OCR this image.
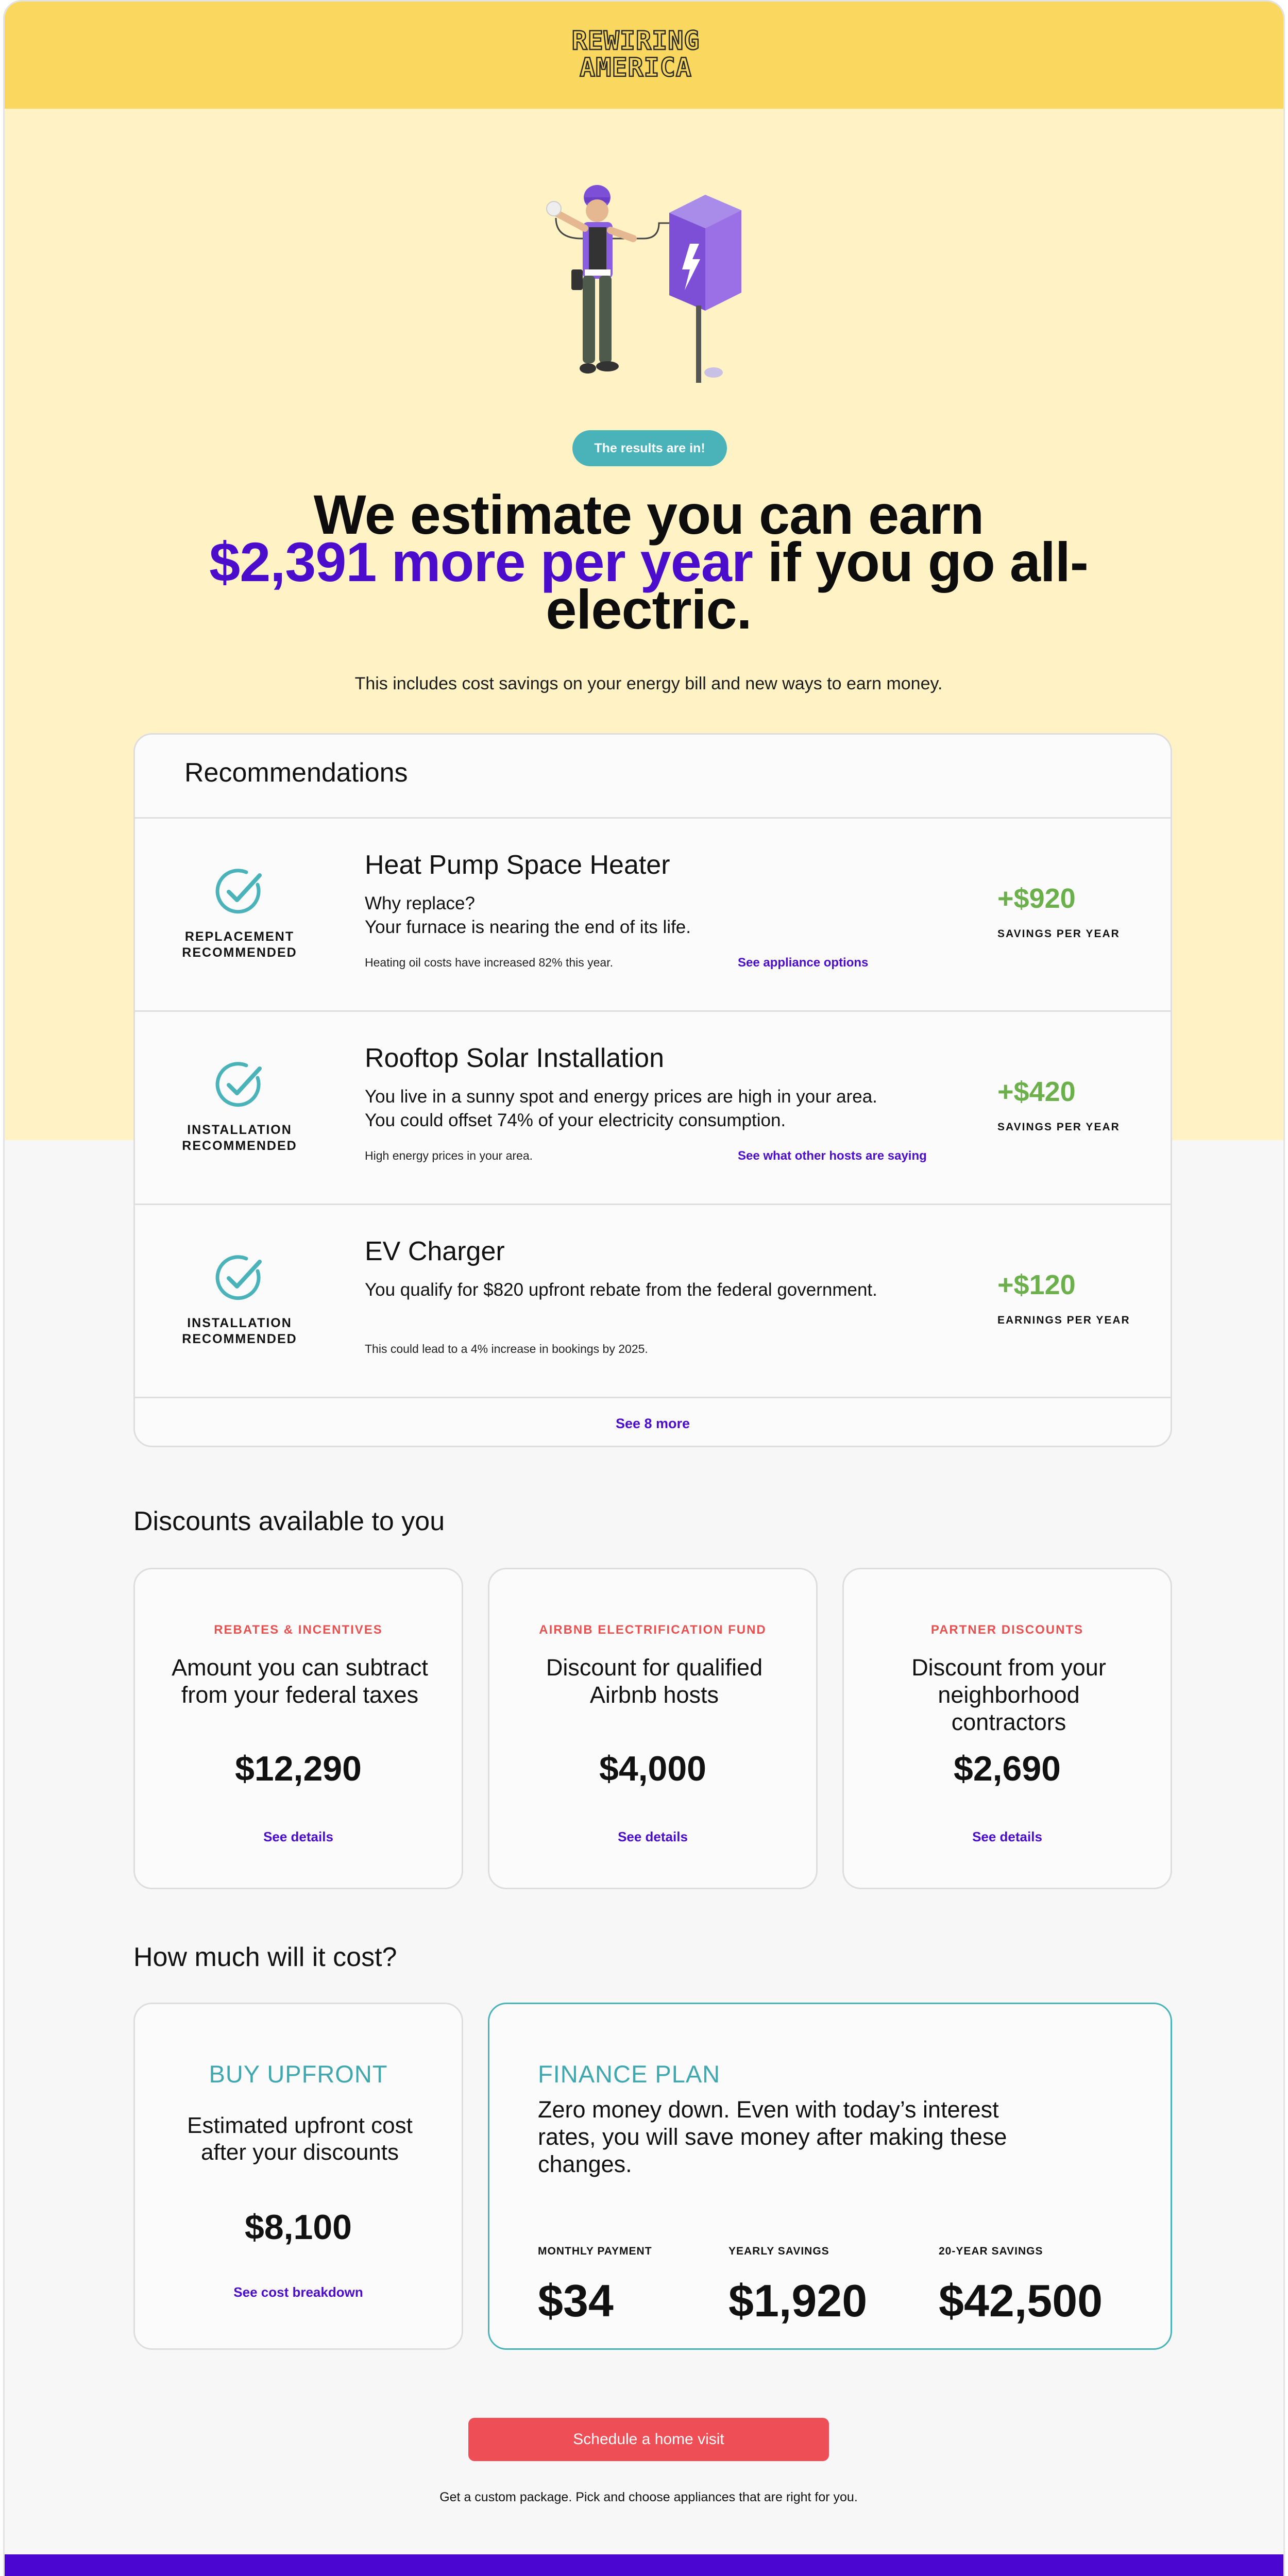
REWIRING
AMERICA
The results are in!
We estimate you can earn
$2,391 more per year if you go all-electric.
This includes cost savings on your energy bill and new ways to earn money.
Recommendations
REPLACEMENT RECOMMENDED
Heat Pump Space Heater
Why replace?
Your furnace is nearing the end of its life.
Heating oil costs have increased 82% this year.	See appliance options
+$920
SAVINGS PER YEAR
INSTALLATION RECOMMENDED
Rooftop Solar Installation
You live in a sunny spot and energy prices are high in your area. You could offset 74% of your electricity consumption.
High energy prices in your area.	See what other hosts are saying
+$420
SAVINGS PER YEAR
INSTALLATION RECOMMENDED
EV Charger
You qualify for $820 upfront rebate from the federal government.
This could lead to a 4% increase in bookings by 2025.
+$120
EARNINGS PER YEAR
See 8 more
Discounts available to you
REBATES & INCENTIVES
Amount you can subtract from your federal taxes
$12,290
See details
AIRBNB ELECTRIFICATION FUND
Discount for qualified Airbnb hosts
$4,000
See details
PARTNER DISCOUNTS
Discount from your neighborhood contractors
$2,690
See details
How much will it cost?
BUY UPFRONT
Estimated upfront cost after your discounts
$8,100
See cost breakdown
FINANCE PLAN
Zero money down. Even with today’s interest rates, you will save money after making these changes.
MONTHLY PAYMENT
$34
YEARLY SAVINGS
$1,920
20-YEAR SAVINGS
$42,500
Schedule a home visit
Get a custom package. Pick and choose appliances that are right for you.
